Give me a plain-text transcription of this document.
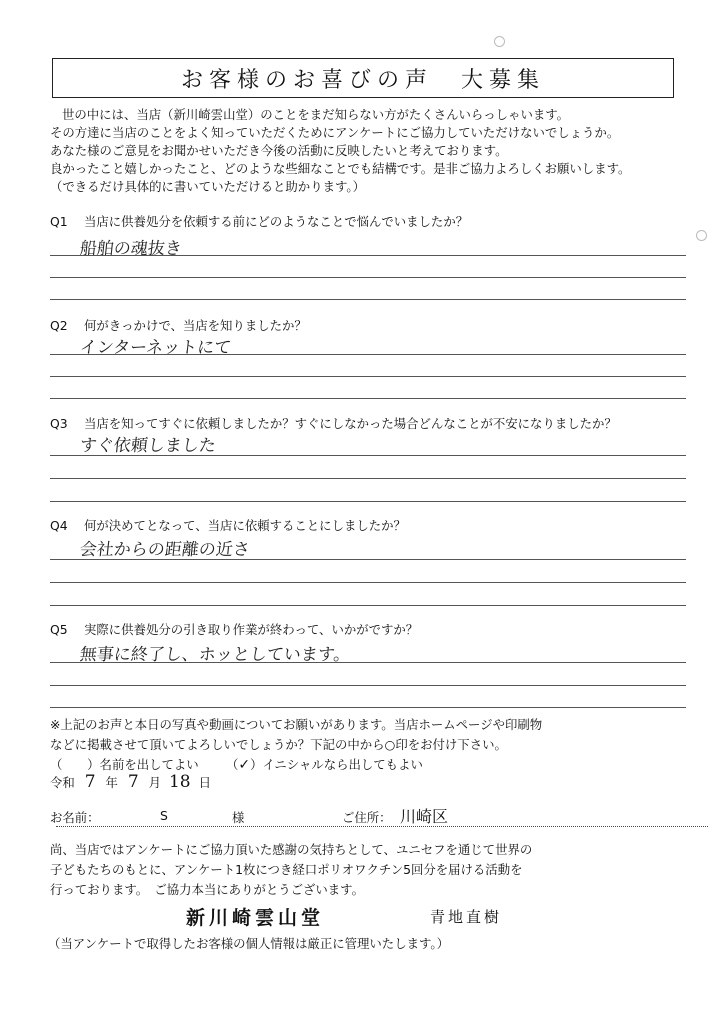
お客様のお喜びの声　大募集
世の中には、当店（新川崎雲山堂）のことをまだ知らない方がたくさんいらっしゃいます。
その方達に当店のことをよく知っていただくためにアンケートにご協力していただけないでしょうか。
あなた様のご意見をお聞かせいただき今後の活動に反映したいと考えております。
良かったこと嬉しかったこと、どのような些細なことでも結構です。是非ご協力よろしくお願いします。
（できるだけ具体的に書いていただけると助かります。）
Q1 当店に供養処分を依頼する前にどのようなことで悩んでいましたか？
船舶の魂抜き
Q2 何がきっかけで、当店を知りましたか？
インターネットにて
Q3 当店を知ってすぐに依頼しましたか？すぐにしなかった場合どんなことが不安になりましたか？
すぐ依頼しました
Q4 何が決めてとなって、当店に依頼することにしましたか？
会社からの距離の近さ
Q5 実際に供養処分の引き取り作業が終わって、いかがですか？
無事に終了し、ホッとしています。
※上記のお声と本日の写真や動画についてお願いがあります。当店ホームページや印刷物
などに掲載させて頂いてよろしいでしょうか？下記の中から○印をお付け下さい。
（　　）名前を出してよい （✓）イニシャルなら出してもよい
令和 7 年 7 月 18 日
お名前：	S	様	ご住所： 川崎区
尚、当店ではアンケートにご協力頂いた感謝の気持ちとして、ユニセフを通じて世界の
子どもたちのもとに、アンケート1枚につき経口ポリオワクチン5回分を届ける活動を
行っております。　ご協力本当にありがとうございます。
新川崎雲山堂	青地直樹
（当アンケートで取得したお客様の個人情報は厳正に管理いたします。）
